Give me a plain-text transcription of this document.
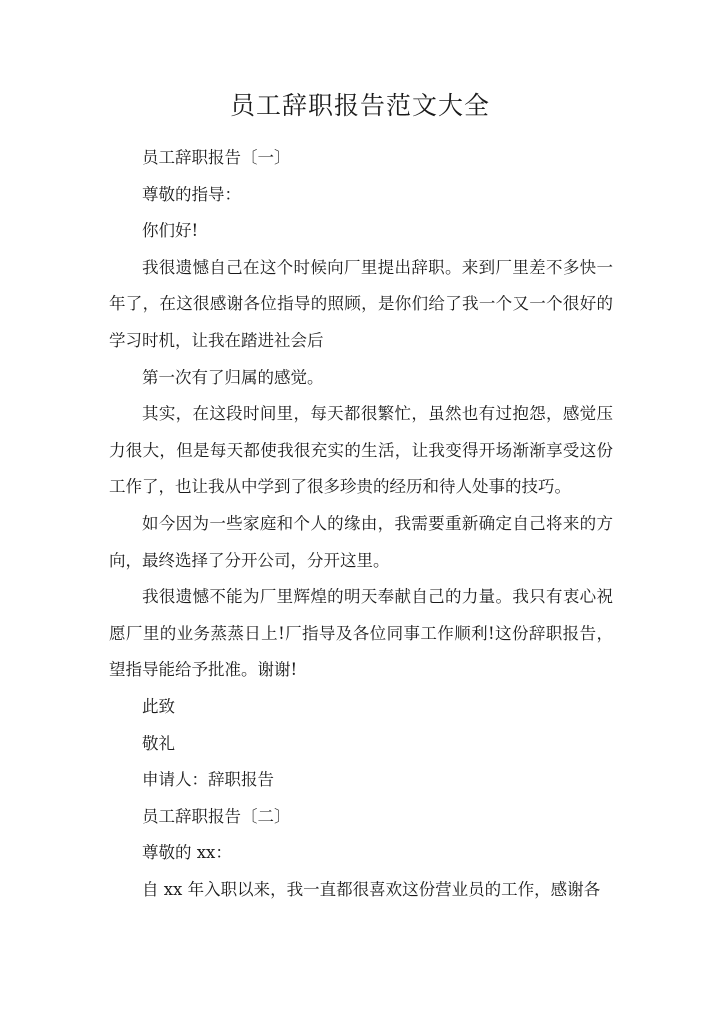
员工辞职报告范文大全

员工辞职报告〔一〕

尊敬的指导：

你们好!

我很遗憾自己在这个时候向厂里提出辞职。来到厂里差不多快一年了，在这很感谢各位指导的照顾，是你们给了我一个又一个很好的学习时机，让我在踏进社会后

第一次有了归属的感觉。

其实，在这段时间里，每天都很繁忙，虽然也有过抱怨，感觉压力很大，但是每天都使我很充实的生活，让我变得开场渐渐享受这份工作了，也让我从中学到了很多珍贵的经历和待人处事的技巧。

如今因为一些家庭和个人的缘由，我需要重新确定自己将来的方向，最终选择了分开公司，分开这里。

我很遗憾不能为厂里辉煌的明天奉献自己的力量。我只有衷心祝愿厂里的业务蒸蒸日上!厂指导及各位同事工作顺利!这份辞职报告，望指导能给予批准。谢谢!

此致

敬礼

申请人：辞职报告

员工辞职报告〔二〕

尊敬的 xx：

自 xx 年入职以来，我一直都很喜欢这份营业员的工作，感谢各
